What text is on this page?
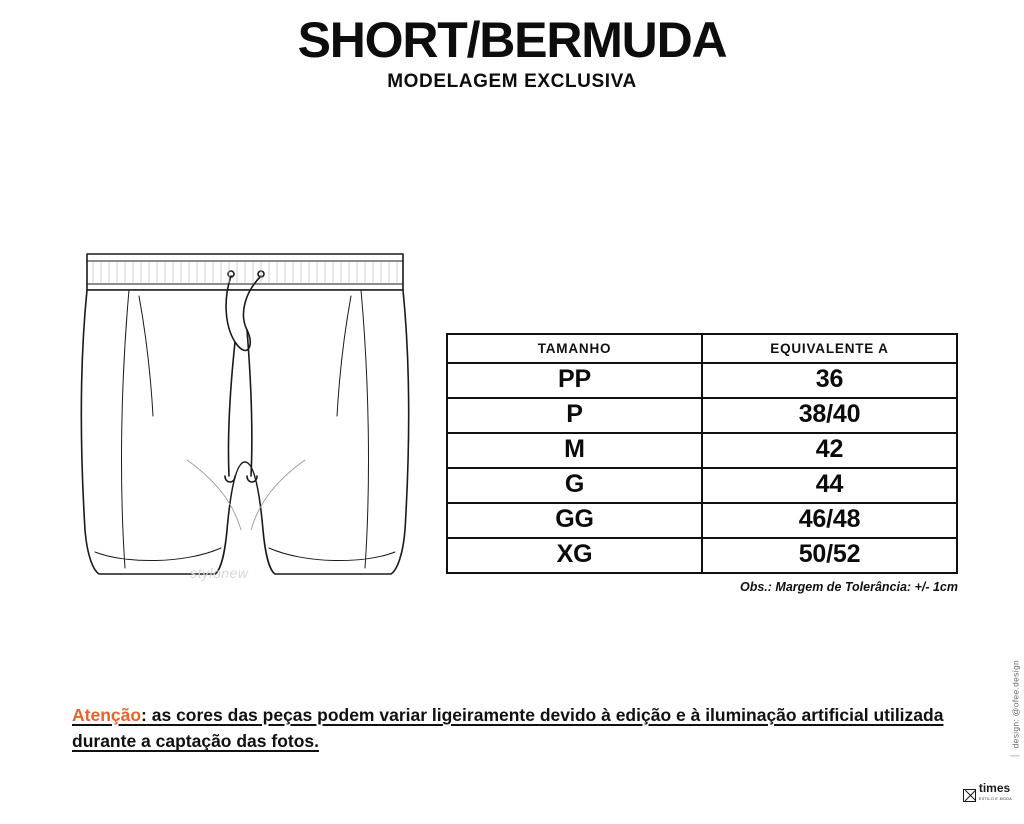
SHORT/BERMUDA
MODELAGEM EXCLUSIVA
stylonew
TAMANHO	EQUIVALENTE A
PP	36
P	38/40
M	42
G	44
GG	46/48
XG	50/52
Obs.: Margem de Tolerância: +/- 1cm
Atenção: as cores das peças podem variar ligeiramente devido à edição e à iluminação artificial utilizada durante a captação das fotos.	design: @ofee.design
times
ESTILO E MODA
